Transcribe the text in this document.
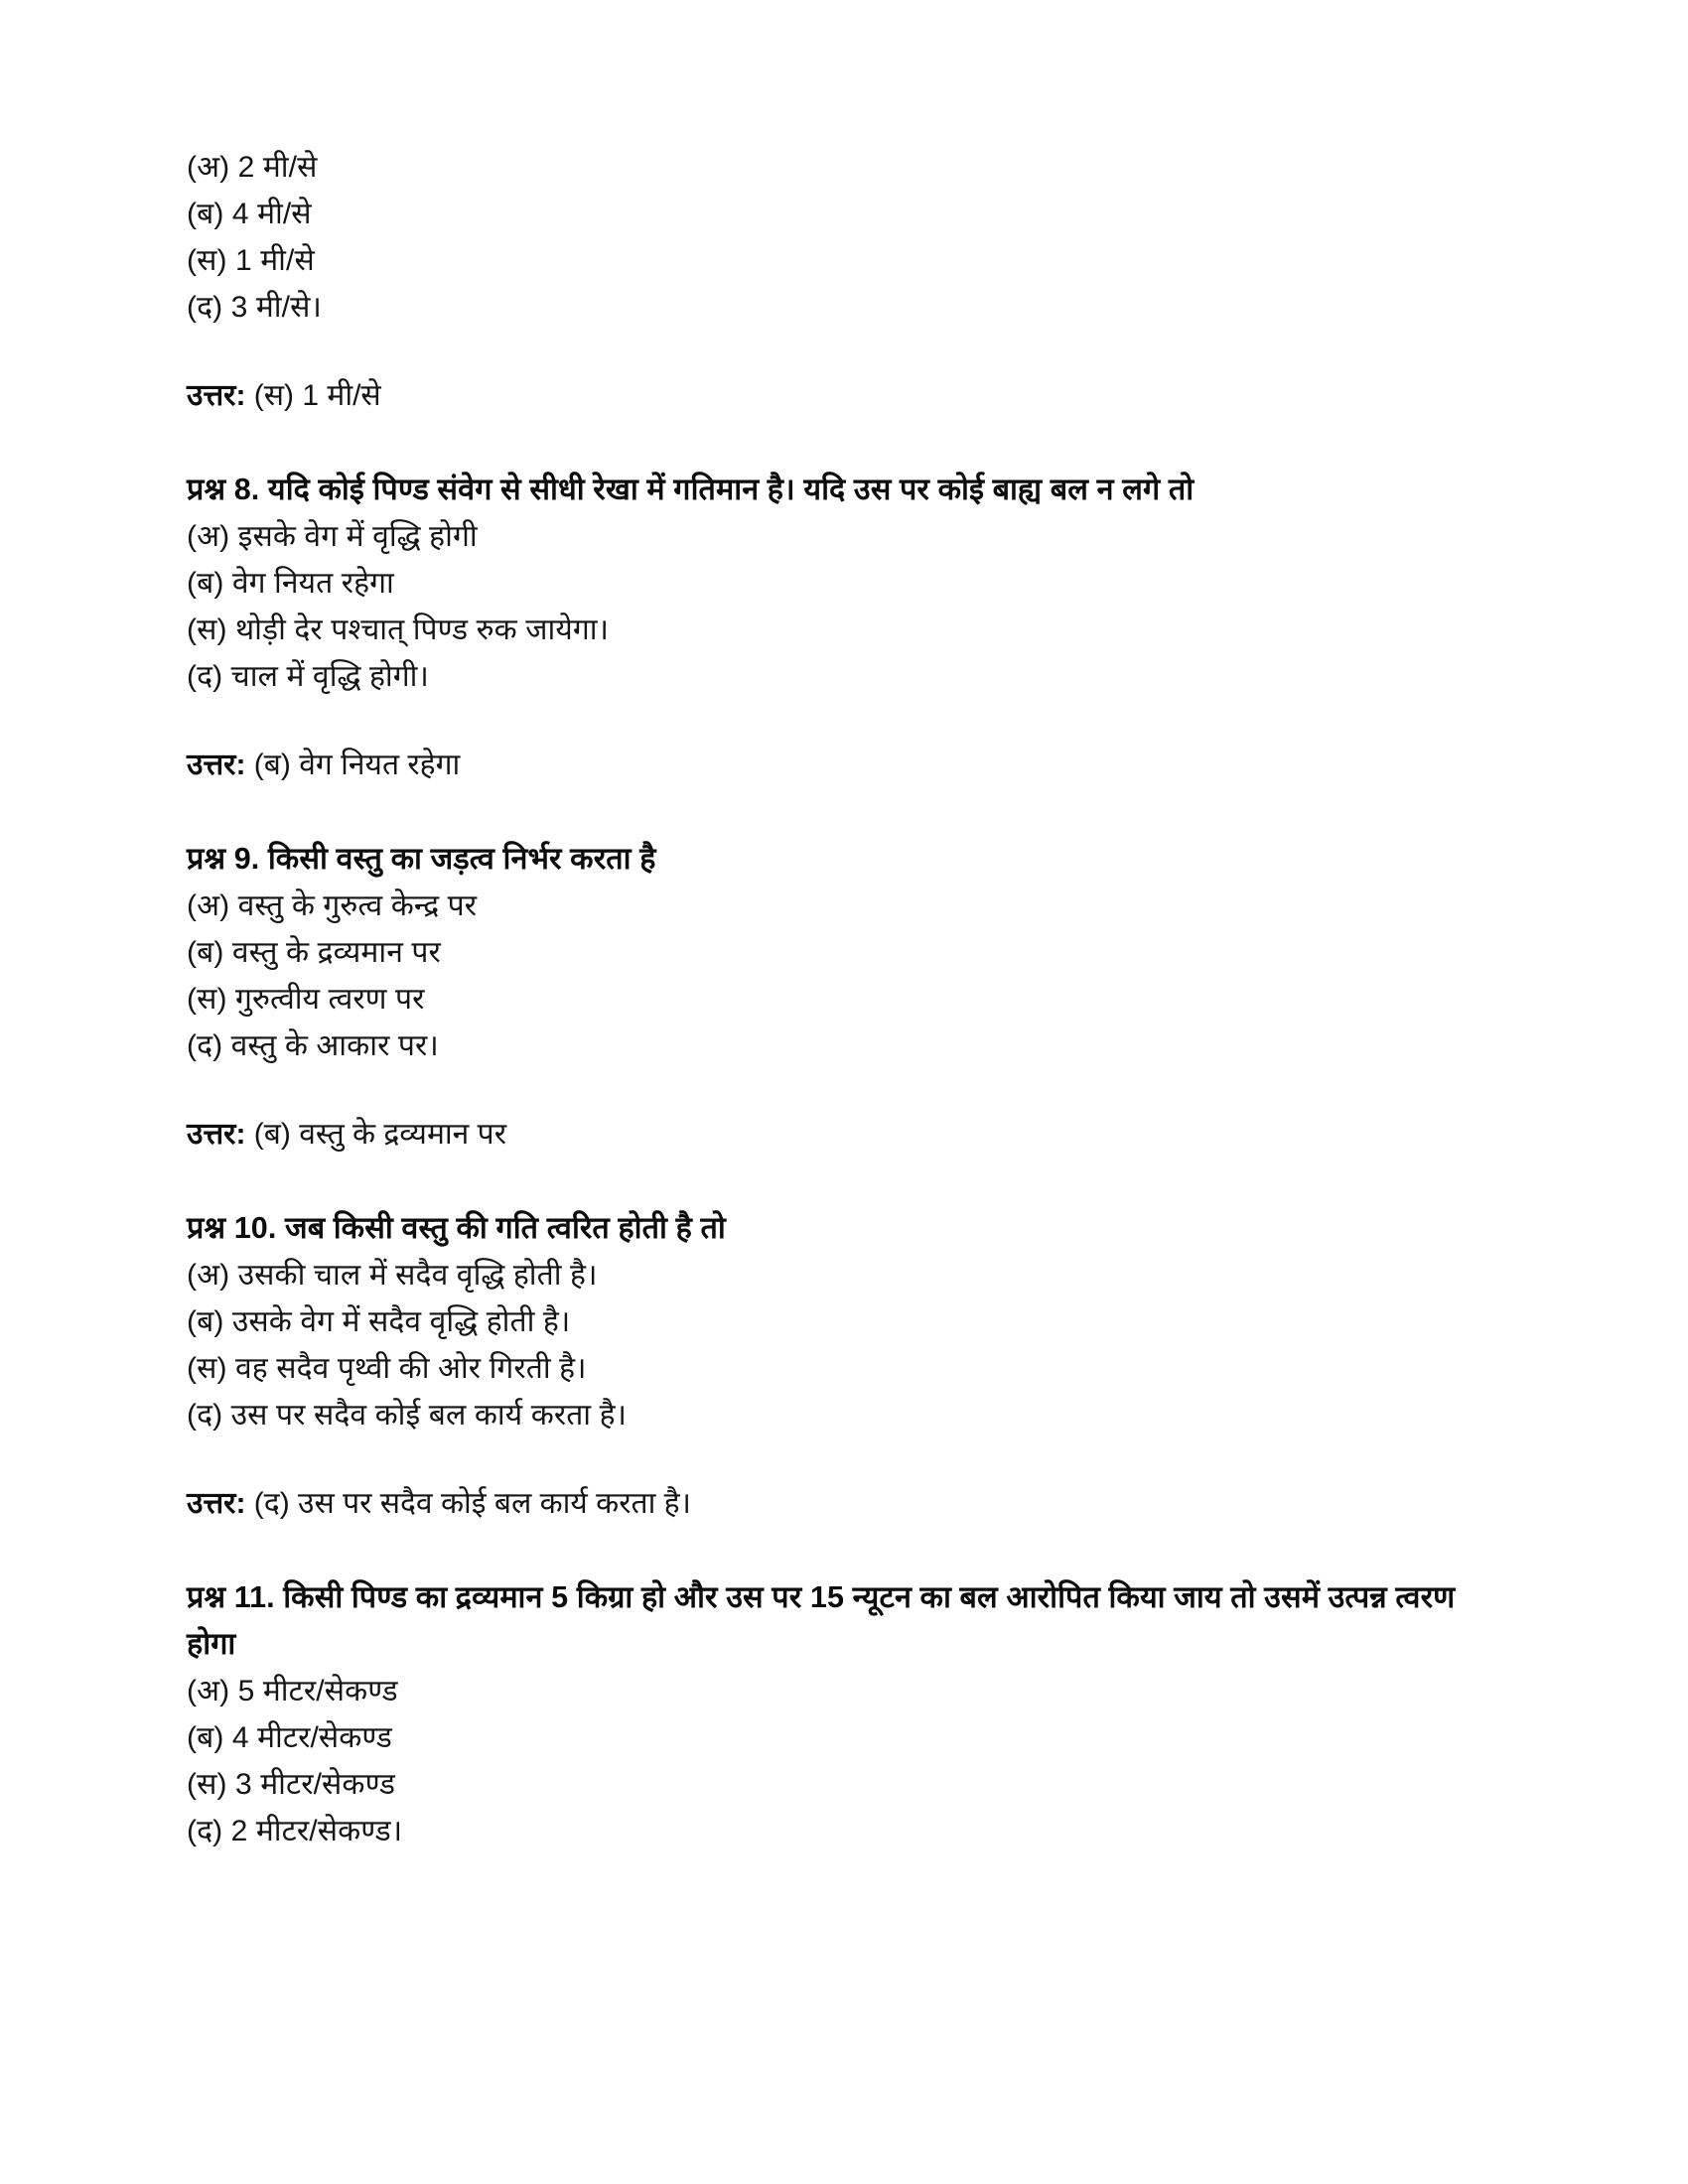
(अ) 2 मी/से
(ब) 4 मी/से
(स) 1 मी/से
(द) 3 मी/से।

उत्तर: (स) 1 मी/से

प्रश्न 8. यदि कोई पिण्ड संवेग से सीधी रेखा में गतिमान है। यदि उस पर कोई बाह्य बल न लगे तो

(अ) इसके वेग में वृद्धि होगी
(ब) वेग नियत रहेगा
(स) थोड़ी देर पश्चात् पिण्ड रुक जायेगा।
(द) चाल में वृद्धि होगी।

उत्तर: (ब) वेग नियत रहेगा

प्रश्न 9. किसी वस्तु का जड़त्व निर्भर करता है

(अ) वस्तु के गुरुत्व केन्द्र पर
(ब) वस्तु के द्रव्यमान पर
(स) गुरुत्वीय त्वरण पर
(द) वस्तु के आकार पर।

उत्तर: (ब) वस्तु के द्रव्यमान पर

प्रश्न 10. जब किसी वस्तु की गति त्वरित होती है तो

(अ) उसकी चाल में सदैव वृद्धि होती है।
(ब) उसके वेग में सदैव वृद्धि होती है।
(स) वह सदैव पृथ्वी की ओर गिरती है।
(द) उस पर सदैव कोई बल कार्य करता है।

उत्तर: (द) उस पर सदैव कोई बल कार्य करता है।

प्रश्न 11. किसी पिण्ड का द्रव्यमान 5 किग्रा हो और उस पर 15 न्यूटन का बल आरोपित किया जाय तो उसमें उत्पन्न त्वरण होगा

(अ) 5 मीटर/सेकण्ड
(ब) 4 मीटर/सेकण्ड
(स) 3 मीटर/सेकण्ड
(द) 2 मीटर/सेकण्ड।
